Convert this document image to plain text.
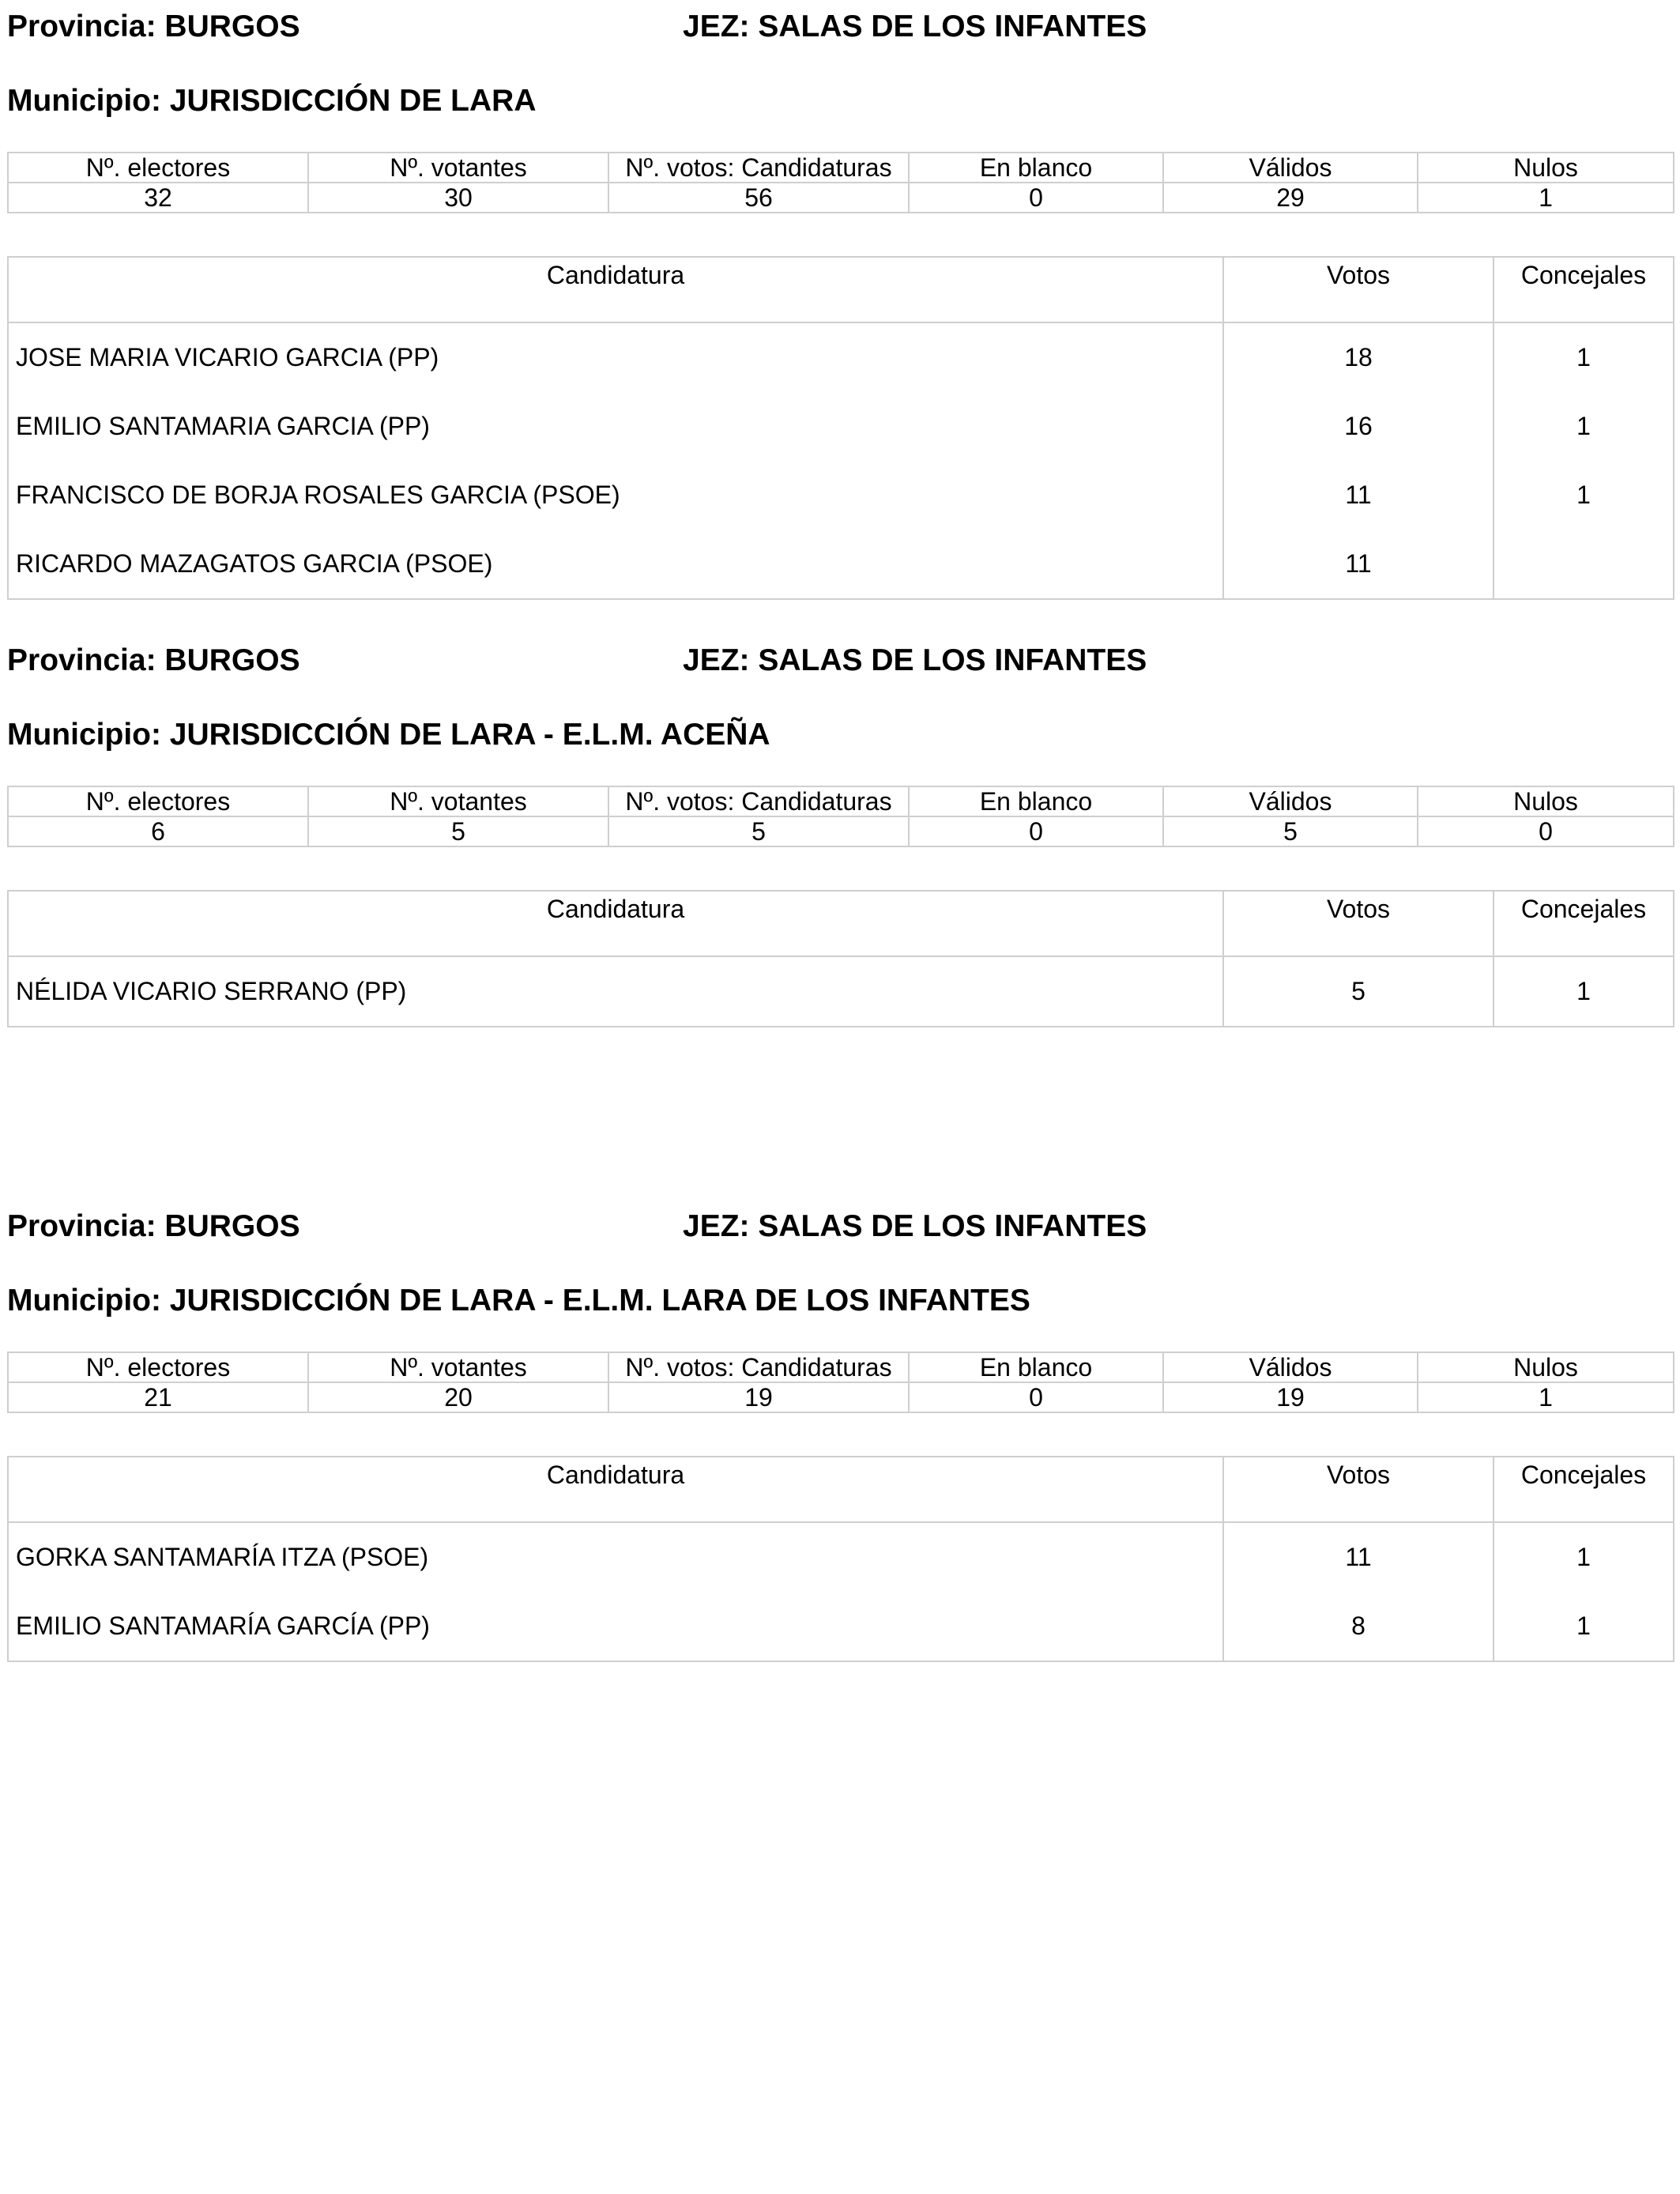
Provincia: BURGOS	JEZ: SALAS DE LOS INFANTES
Municipio: JURISDICCIÓN DE LARA
Nº. electores	Nº. votantes	Nº. votos: Candidaturas	En blanco	Válidos	Nulos
32	30	56	0	29	1
Candidatura	Votos	Concejales
JOSE MARIA VICARIO GARCIA (PP)	18	1
EMILIO SANTAMARIA GARCIA (PP)	16	1
FRANCISCO DE BORJA ROSALES GARCIA (PSOE)	11	1
RICARDO MAZAGATOS GARCIA (PSOE)	11	
Provincia: BURGOS	JEZ: SALAS DE LOS INFANTES
Municipio: JURISDICCIÓN DE LARA - E.L.M. ACEÑA
Nº. electores	Nº. votantes	Nº. votos: Candidaturas	En blanco	Válidos	Nulos
6	5	5	0	5	0
Candidatura	Votos	Concejales
NÉLIDA VICARIO SERRANO (PP)	5	1
Provincia: BURGOS	JEZ: SALAS DE LOS INFANTES
Municipio: JURISDICCIÓN DE LARA - E.L.M. LARA DE LOS INFANTES
Nº. electores	Nº. votantes	Nº. votos: Candidaturas	En blanco	Válidos	Nulos
21	20	19	0	19	1
Candidatura	Votos	Concejales
GORKA SANTAMARÍA ITZA (PSOE)	11	1
EMILIO SANTAMARÍA GARCÍA (PP)	8	1
